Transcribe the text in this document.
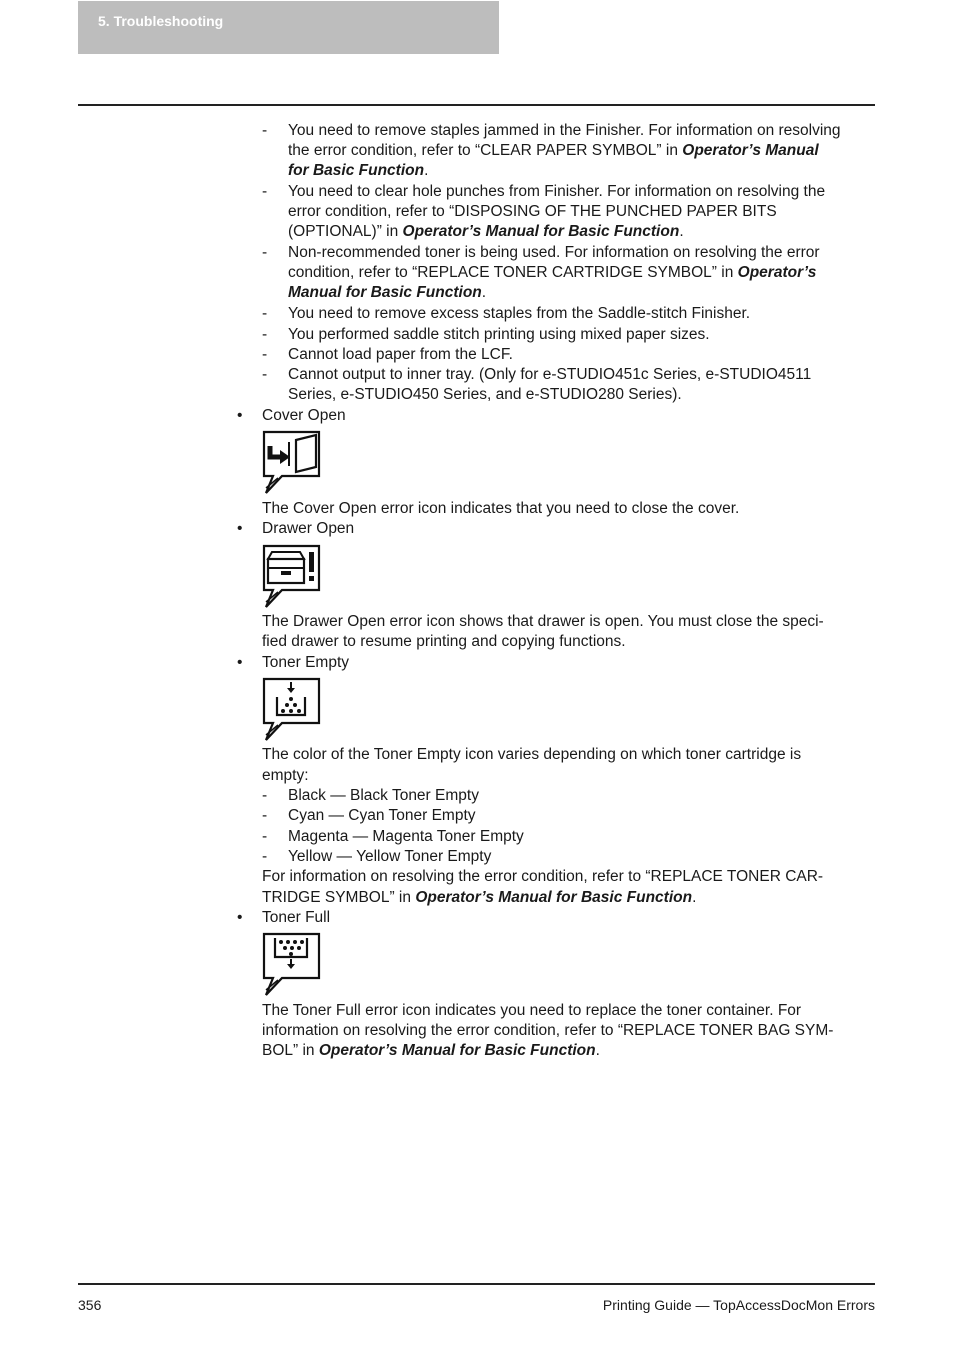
5. Troubleshooting
- You need to remove staples jammed in the Finisher. For information on resolving
the error condition, refer to “CLEAR PAPER SYMBOL” in Operator’s Manual
for Basic Function.
- You need to clear hole punches from Finisher. For information on resolving the
error condition, refer to “DISPOSING OF THE PUNCHED PAPER BITS
(OPTIONAL)” in Operator’s Manual for Basic Function.
- Non-recommended toner is being used. For information on resolving the error
condition, refer to “REPLACE TONER CARTRIDGE SYMBOL” in Operator’s
Manual for Basic Function.
- You need to remove excess staples from the Saddle-stitch Finisher.
- You performed saddle stitch printing using mixed paper sizes.
- Cannot load paper from the LCF.
- Cannot output to inner tray. (Only for e-STUDIO451c Series, e-STUDIO4511
Series, e-STUDIO450 Series, and e-STUDIO280 Series).
• Cover Open
The Cover Open error icon indicates that you need to close the cover.
• Drawer Open
The Drawer Open error icon shows that drawer is open. You must close the speci-
fied drawer to resume printing and copying functions.
• Toner Empty
The color of the Toner Empty icon varies depending on which toner cartridge is
empty:
- Black — Black Toner Empty
- Cyan — Cyan Toner Empty
- Magenta — Magenta Toner Empty
- Yellow — Yellow Toner Empty
For information on resolving the error condition, refer to “REPLACE TONER CAR-
TRIDGE SYMBOL” in Operator’s Manual for Basic Function.
• Toner Full
The Toner Full error icon indicates you need to replace the toner container. For
information on resolving the error condition, refer to “REPLACE TONER BAG SYM-
BOL” in Operator’s Manual for Basic Function.
356	Printing Guide — TopAccessDocMon Errors
